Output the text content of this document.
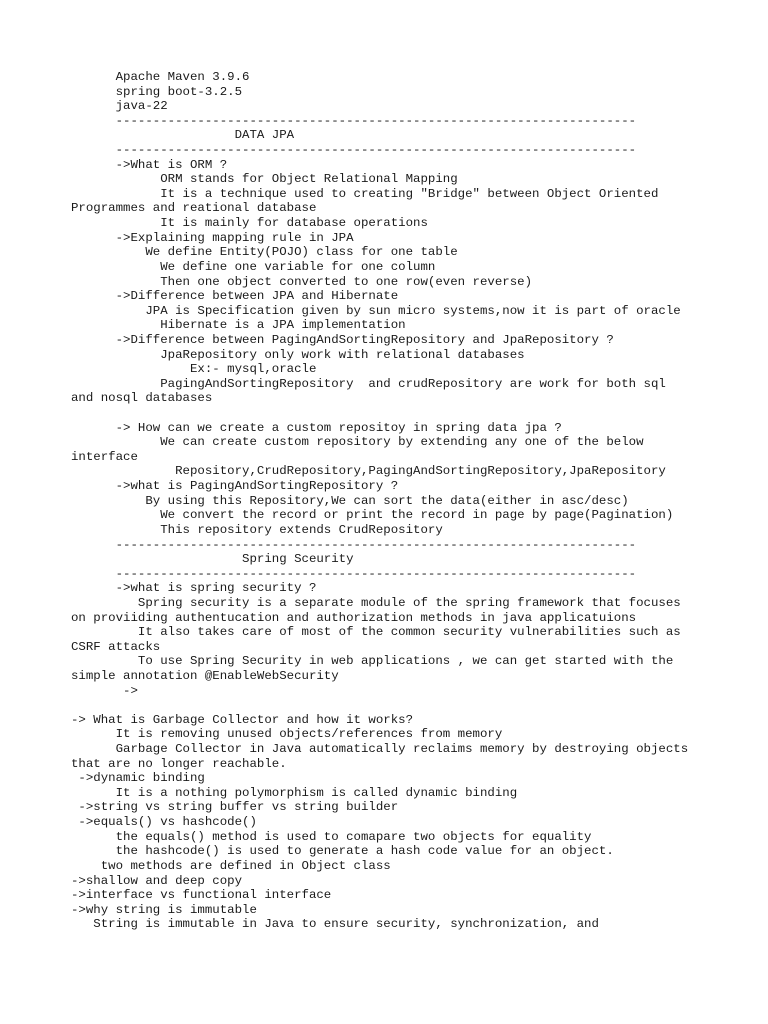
Apache Maven 3.9.6
spring boot-3.2.5
java-22
----------------------------------------------------------------------
DATA JPA
----------------------------------------------------------------------
->What is ORM ?
ORM stands for Object Relational Mapping
It is a technique used to creating "Bridge" between Object Oriented
Programmes and reational database
It is mainly for database operations
->Explaining mapping rule in JPA
We define Entity(POJO) class for one table
We define one variable for one column
Then one object converted to one row(even reverse)
->Difference between JPA and Hibernate
JPA is Specification given by sun micro systems,now it is part of oracle
Hibernate is a JPA implementation
->Difference between PagingAndSortingRepository and JpaRepository ?
JpaRepository only work with relational databases
Ex:- mysql,oracle
PagingAndSortingRepository  and crudRepository are work for both sql
and nosql databases
-> How can we create a custom repositoy in spring data jpa ?
We can create custom repository by extending any one of the below
interface
Repository,CrudRepository,PagingAndSortingRepository,JpaRepository
->what is PagingAndSortingRepository ?
By using this Repository,We can sort the data(either in asc/desc)
We convert the record or print the record in page by page(Pagination)
This repository extends CrudRepository
----------------------------------------------------------------------
Spring Sceurity
----------------------------------------------------------------------
->what is spring security ?
Spring security is a separate module of the spring framework that focuses
on proviiding authentucation and authorization methods in java applicatuions
It also takes care of most of the common security vulnerabilities such as
CSRF attacks
To use Spring Security in web applications , we can get started with the
simple annotation @EnableWebSecurity
->
-> What is Garbage Collector and how it works?
It is removing unused objects/references from memory
Garbage Collector in Java automatically reclaims memory by destroying objects
that are no longer reachable.
->dynamic binding
It is a nothing polymorphism is called dynamic binding
->string vs string buffer vs string builder
->equals() vs hashcode()
the equals() method is used to comapare two objects for equality
the hashcode() is used to generate a hash code value for an object.
two methods are defined in Object class
->shallow and deep copy
->interface vs functional interface
->why string is immutable
String is immutable in Java to ensure security, synchronization, and
